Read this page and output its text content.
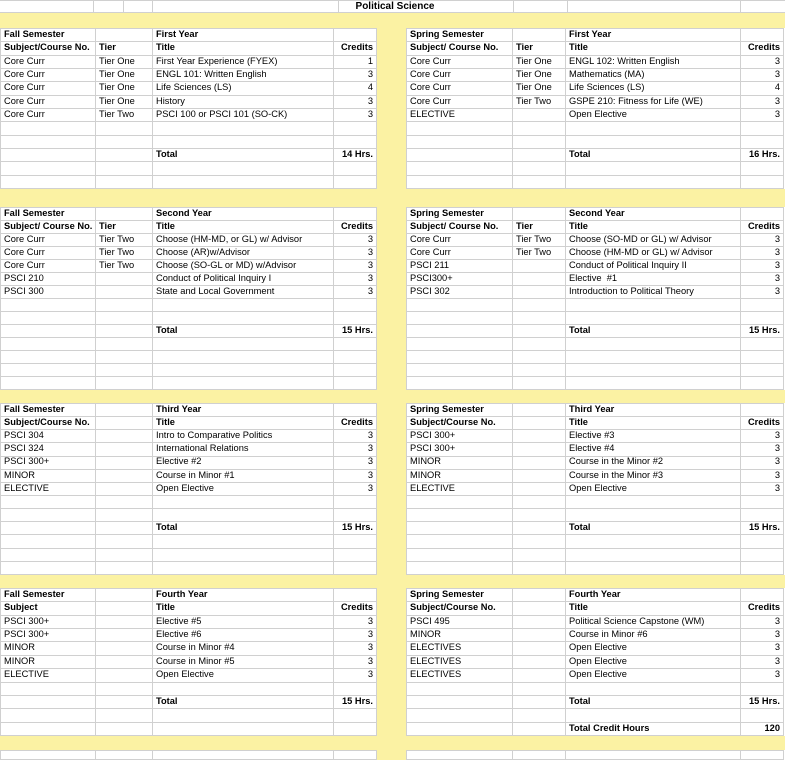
Political Science
Fall Semester		First Year	
Subject/Course No.	Tier	Title	Credits
Core Curr	Tier One	First Year Experience (FYEX)	1
Core Curr	Tier One	ENGL 101: Written English	3
Core Curr	Tier One	Life Sciences (LS)	4
Core Curr	Tier One	History	3
Core Curr	Tier Two	PSCI 100 or PSCI 101 (SO-CK)	3

		Total	14 Hrs.

Spring Semester		First Year	
Subject/ Course No.	Tier	Title	Credits
Core Curr	Tier One	ENGL 102: Written English	3
Core Curr	Tier One	Mathematics (MA)	3
Core Curr	Tier One	Life Sciences (LS)	4
Core Curr	Tier Two	GSPE 210: Fitness for Life (WE)	3
ELECTIVE		Open Elective	3

		Total	16 Hrs.

Fall Semester		Second Year	
Subject/ Course No.	Tier	Title	Credits
Core Curr	Tier Two	Choose (HM-MD, or GL) w/ Advisor	3
Core Curr	Tier Two	Choose (AR)w/Advisor	3
Core Curr	Tier Two	Choose (SO-GL or MD) w/Advisor	3
PSCI 210		Conduct of Political Inquiry I	3
PSCI 300		State and Local Government	3

		Total	15 Hrs.

Spring Semester		Second Year	
Subject/ Course No.	Tier	Title	Credits
Core Curr	Tier Two	Choose (SO-MD or GL) w/ Advisor	3
Core Curr	Tier Two	Choose (HM-MD or GL) w/ Advisor	3
PSCI 211		Conduct of Political Inquiry II	3
PSCI300+		Elective  #1	3
PSCI 302		Introduction to Political Theory	3

		Total	15 Hrs.

Fall Semester		Third Year	
Subject/Course No.		Title	Credits
PSCI 304		Intro to Comparative Politics	3
PSCI 324		International Relations	3
PSCI 300+		Elective #2	3
MINOR		Course in Minor #1	3
ELECTIVE		Open Elective	3

		Total	15 Hrs.

Spring Semester		Third Year	
Subject/Course No.		Title	Credits
PSCI 300+		Elective #3	3
PSCI 300+		Elective #4	3
MINOR		Course in the Minor #2	3
MINOR		Course in the Minor #3	3
ELECTIVE		Open Elective	3

		Total	15 Hrs.

Fall Semester		Fourth Year	
Subject		Title	Credits
PSCI 300+		Elective #5	3
PSCI 300+		Elective #6	3
MINOR		Course in Minor #4	3
MINOR		Course in Minor #5	3
ELECTIVE		Open Elective	3

		Total	15 Hrs.

Spring Semester		Fourth Year	
Subject/Course No.		Title	Credits
PSCI 495		Political Science Capstone (WM)	3
MINOR		Course in Minor #6	3
ELECTIVES		Open Elective	3
ELECTIVES		Open Elective	3
ELECTIVES		Open Elective	3

		Total	15 Hrs.

		Total Credit Hours	120
